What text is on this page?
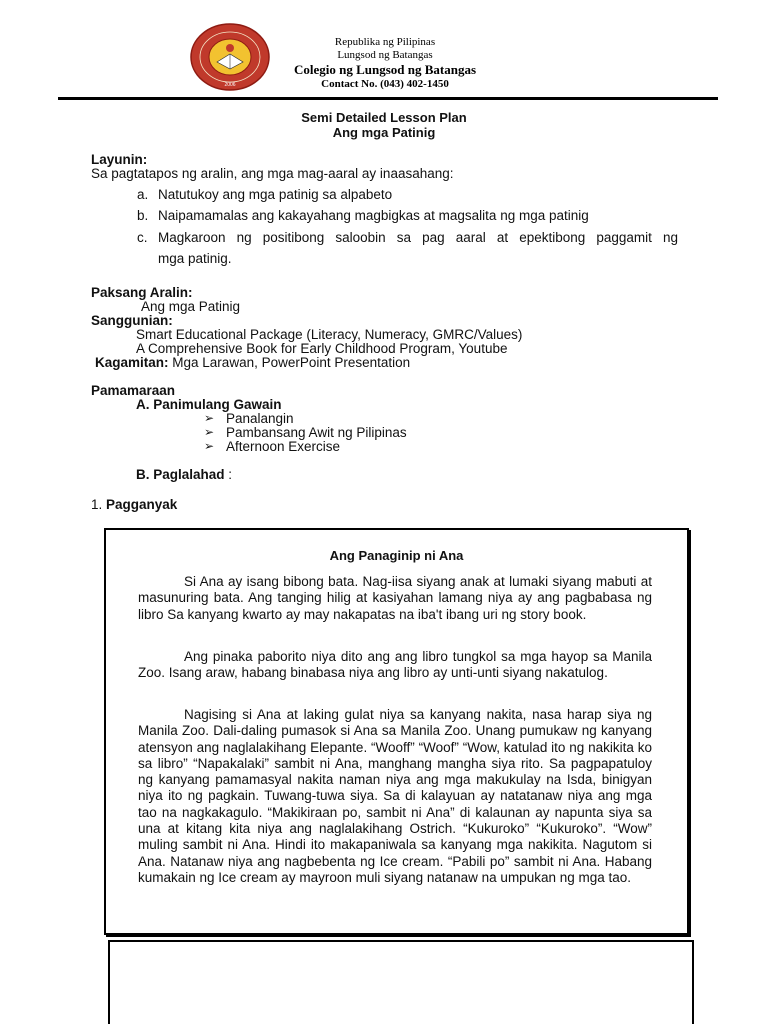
2006
Republika ng Pilipinas
Lungsod ng Batangas
Colegio ng Lungsod ng Batangas
Contact No. (043) 402-1450
Semi Detailed Lesson Plan
Ang mga Patinig
Layunin:
Sa pagtatapos ng aralin, ang mga mag-aaral ay inaasahang:
a. Natutukoy ang mga patinig sa alpabeto
b. Naipamamalas ang kakayahang magbigkas at magsalita ng mga patinig
c. Magkaroon ng positibong saloobin sa pag aaral at epektibong paggamit ng
mga patinig.
Paksang Aralin:
Ang mga Patinig
Sanggunian:
Smart Educational Package (Literacy, Numeracy, GMRC/Values)
A Comprehensive Book for Early Childhood Program, Youtube
Kagamitan: Mga Larawan, PowerPoint Presentation
Pamamaraan
A. Panimulang Gawain
➢ Panalangin
➢ Pambansang Awit ng Pilipinas
➢ Afternoon Exercise
B. Paglalahad :
1. Pagganyak
Ang Panaginip ni Ana
Si Ana ay isang bibong bata. Nag-iisa siyang anak at lumaki siyang mabuti at masunuring bata. Ang tanging hilig at kasiyahan lamang niya ay ang pagbabasa ng libro Sa kanyang kwarto ay may nakapatas na iba't ibang uri ng story book.
Ang pinaka paborito niya dito ang ang libro tungkol sa mga hayop sa Manila Zoo. Isang araw, habang binabasa niya ang libro ay unti-unti siyang nakatulog.
Nagising si Ana at laking gulat niya sa kanyang nakita, nasa harap siya ng Manila Zoo. Dali-daling pumasok si Ana sa Manila Zoo. Unang pumukaw ng kanyang atensyon ang naglalakihang Elepante. “Wooff” “Woof” “Wow, katulad ito ng nakikita ko sa libro” “Napakalaki” sambit ni Ana, manghang mangha siya rito. Sa pagpapatuloy ng kanyang pamamasyal nakita naman niya ang mga makukulay na Isda, binigyan niya ito ng pagkain. Tuwang-tuwa siya. Sa di kalayuan ay natatanaw niya ang mga tao na nagkakagulo. “Makikiraan po, sambit ni Ana” di kalaunan ay napunta siya sa una at kitang kita niya ang naglalakihang Ostrich. “Kukuroko” “Kukuroko”. “Wow” muling sambit ni Ana. Hindi ito makapaniwala sa kanyang mga nakikita. Nagutom si Ana. Natanaw niya ang nagbebenta ng Ice cream. “Pabili po” sambit ni Ana. Habang kumakain ng Ice cream ay mayroon muli siyang natanaw na umpukan ng mga tao.
